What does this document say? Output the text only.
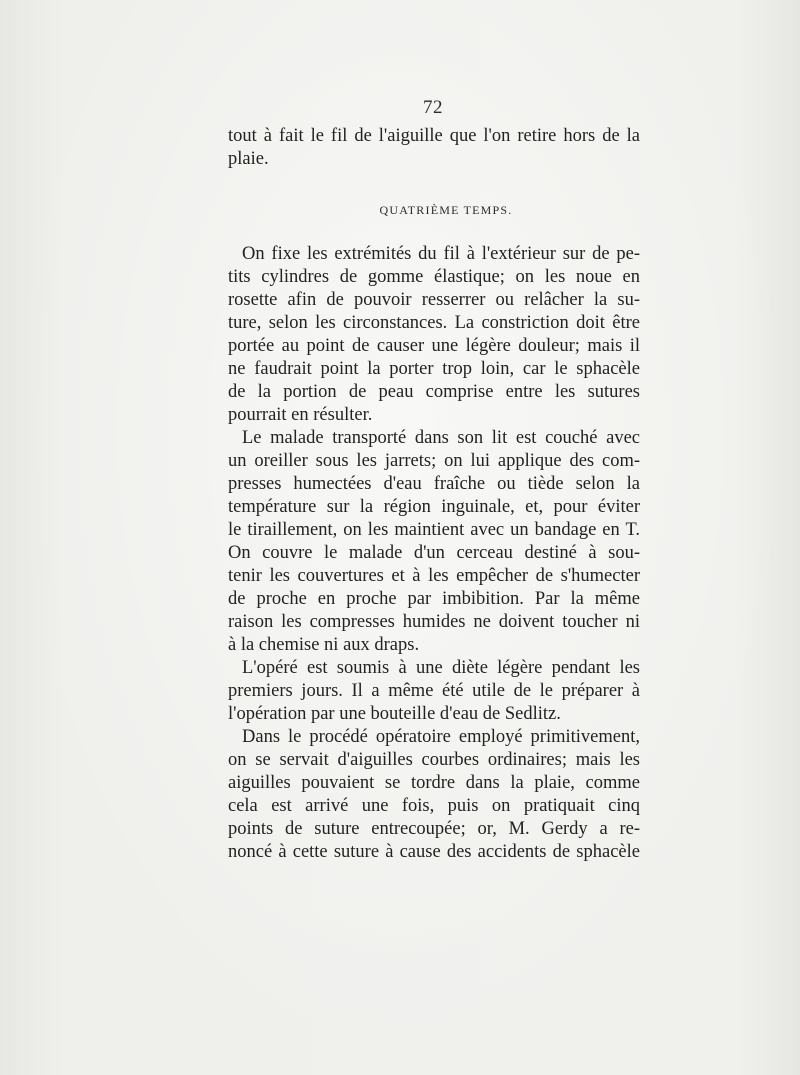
72
tout à fait le fil de l'aiguille que l'on retire hors de la
plaie.
QUATRIÈME TEMPS.
On fixe les extrémités du fil à l'extérieur sur de pe-
tits cylindres de gomme élastique; on les noue en
rosette afin de pouvoir resserrer ou relâcher la su-
ture, selon les circonstances. La constriction doit être
portée au point de causer une légère douleur; mais il
ne faudrait point la porter trop loin, car le sphacèle
de la portion de peau comprise entre les sutures
pourrait en résulter.
Le malade transporté dans son lit est couché avec
un oreiller sous les jarrets; on lui applique des com-
presses humectées d'eau fraîche ou tiède selon la
température sur la région inguinale, et, pour éviter
le tiraillement, on les maintient avec un bandage en T.
On couvre le malade d'un cerceau destiné à sou-
tenir les couvertures et à les empêcher de s'humecter
de proche en proche par imbibition. Par la même
raison les compresses humides ne doivent toucher ni
à la chemise ni aux draps.
L'opéré est soumis à une diète légère pendant les
premiers jours. Il a même été utile de le préparer à
l'opération par une bouteille d'eau de Sedlitz.
Dans le procédé opératoire employé primitivement,
on se servait d'aiguilles courbes ordinaires; mais les
aiguilles pouvaient se tordre dans la plaie, comme
cela est arrivé une fois, puis on pratiquait cinq
points de suture entrecoupée; or, M. Gerdy a re-
noncé à cette suture à cause des accidents de sphacèle
